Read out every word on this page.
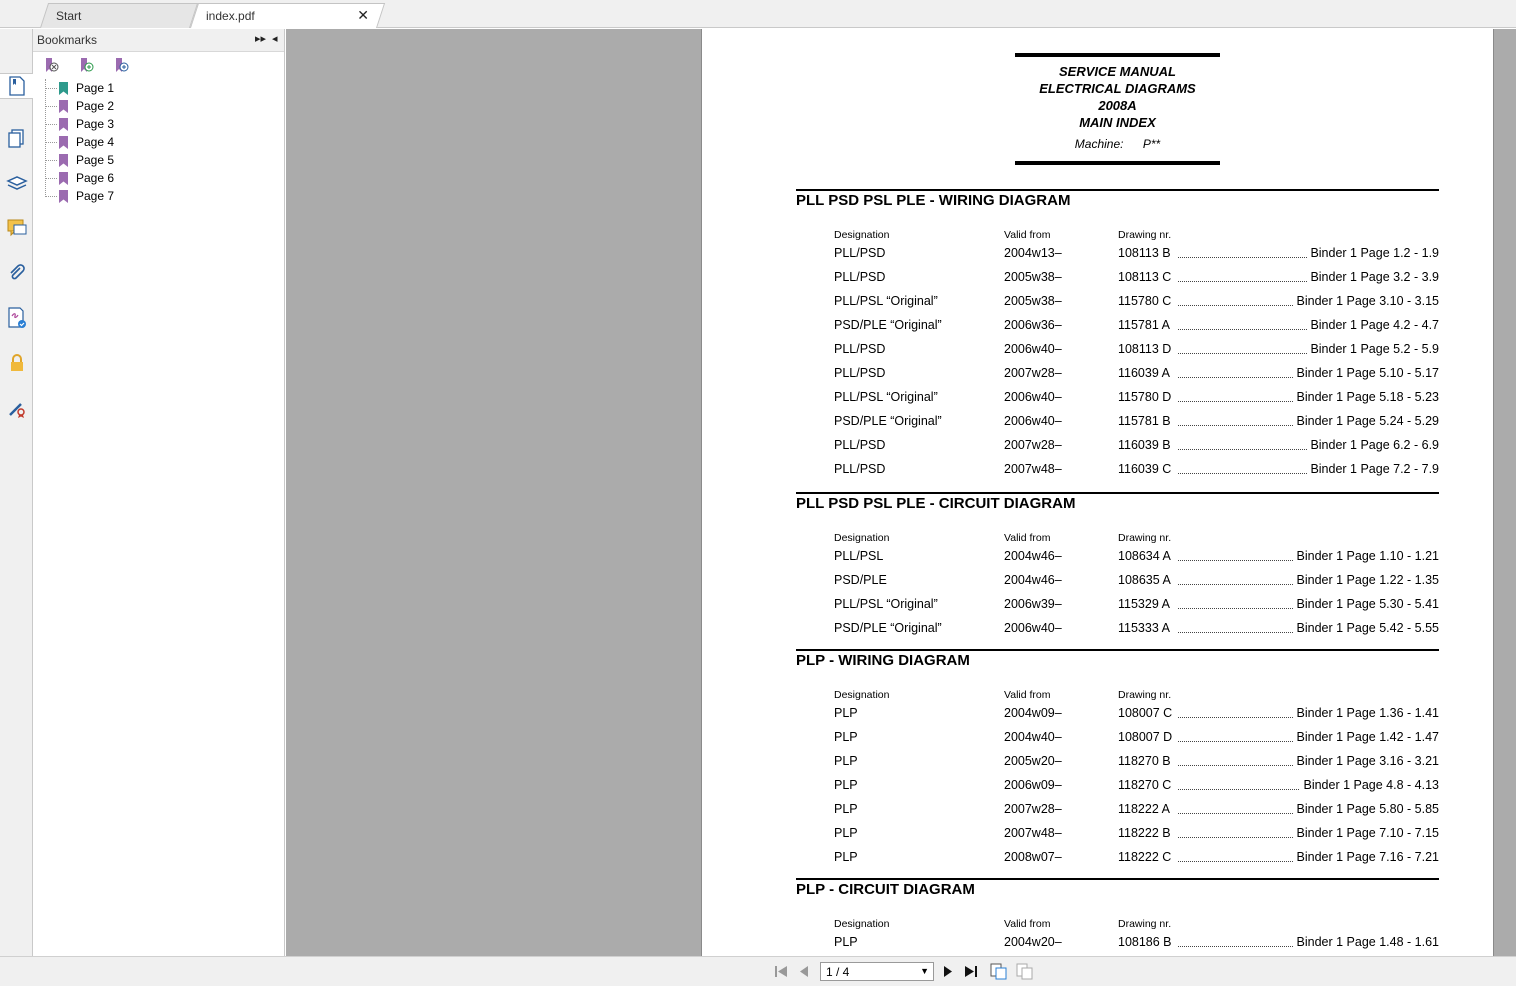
Start	index.pdf	✕
Bookmarks	▸▸ ◂
Page 1
Page 2
Page 3
Page 4
Page 5
Page 6
Page 7
SERVICE MANUAL
ELECTRICAL DIAGRAMS
2008A
MAIN INDEX
Machine: P**
PLL PSD PSL PLE - WIRING DIAGRAM
Designation	Valid from	Drawing nr.
PLL/PSD	2004w13–	108113 B	Binder 1 Page 1.2 - 1.9
PLL/PSD	2005w38–	108113 C	Binder 1 Page 3.2 - 3.9
PLL/PSL “Original”	2005w38–	115780 C	Binder 1 Page 3.10 - 3.15
PSD/PLE “Original”	2006w36–	115781 A	Binder 1 Page 4.2 - 4.7
PLL/PSD	2006w40–	108113 D	Binder 1 Page 5.2 - 5.9
PLL/PSD	2007w28–	116039 A	Binder 1 Page 5.10 - 5.17
PLL/PSL “Original”	2006w40–	115780 D	Binder 1 Page 5.18 - 5.23
PSD/PLE “Original”	2006w40–	115781 B	Binder 1 Page 5.24 - 5.29
PLL/PSD	2007w28–	116039 B	Binder 1 Page 6.2 - 6.9
PLL/PSD	2007w48–	116039 C	Binder 1 Page 7.2 - 7.9
PLL PSD PSL PLE - CIRCUIT DIAGRAM
Designation	Valid from	Drawing nr.
PLL/PSL	2004w46–	108634 A	Binder 1 Page 1.10 - 1.21
PSD/PLE	2004w46–	108635 A	Binder 1 Page 1.22 - 1.35
PLL/PSL “Original”	2006w39–	115329 A	Binder 1 Page 5.30 - 5.41
PSD/PLE “Original”	2006w40–	115333 A	Binder 1 Page 5.42 - 5.55
PLP - WIRING DIAGRAM
Designation	Valid from	Drawing nr.
PLP	2004w09–	108007 C	Binder 1 Page 1.36 - 1.41
PLP	2004w40–	108007 D	Binder 1 Page 1.42 - 1.47
PLP	2005w20–	118270 B	Binder 1 Page 3.16 - 3.21
PLP	2006w09–	118270 C	Binder 1 Page 4.8 - 4.13
PLP	2007w28–	118222 A	Binder 1 Page 5.80 - 5.85
PLP	2007w48–	118222 B	Binder 1 Page 7.10 - 7.15
PLP	2008w07–	118222 C	Binder 1 Page 7.16 - 7.21
PLP - CIRCUIT DIAGRAM
Designation	Valid from	Drawing nr.
PLP	2004w20–	108186 B	Binder 1 Page 1.48 - 1.61
1 / 4	▼
